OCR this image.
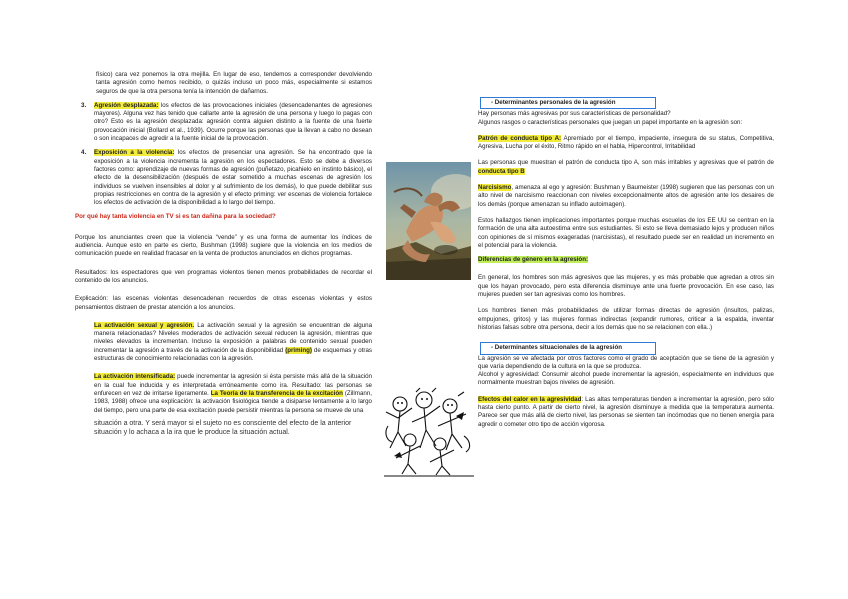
físico) cara vez ponemos la otra mejilla. En lugar de eso, tendemos a corresponder devolviendo tanta agresión como hemos recibido, o quizás incluso un poco más, especialmente si estamos seguros de que la otra persona tenía la intención de dañarnos.

3. Agresión desplazada: los efectos de las provocaciones iniciales (desencadenantes de agresiones mayores). Alguna vez has tenido que callarte ante la agresión de una persona y luego lo pagas con otro? Esto es la agresión desplazada: agresión contra alguien distinto a la fuente de una fuerte provocación inicial (Bollard et al., 1939). Ocurre porque las personas que la llevan a cabo no desean o son incapaces de agredir a la fuente inicial de la provocación.
4. Exposición a la violencia: los efectos de presenciar una agresión. Se ha encontrado que la exposición a la violencia incrementa la agresión en los espectadores. Esto se debe a diversos factores como: aprendizaje de nuevas formas de agresión (puñetazo, picahielo en instinto básico), el efecto de la desensibilización (después de estar sometido a muchas escenas de agresión los individuos se vuelven insensibles al dolor y al sufrimiento de los demás), lo que puede debilitar sus propias restricciones en contra de la agresión y el efecto priming: ver escenas de violencia fortalece los efectos de activación de la disponibilidad a lo largo del tiempo.

Por qué hay tanta violencia en TV si es tan dañina para la sociedad?

Porque los anunciantes creen que la violencia “vende” y es una forma de aumentar los índices de audiencia. Aunque esto en parte es cierto, Bushman (1998) sugiere que la violencia en los medios de comunicación puede en realidad fracasar en la venta de productos anunciados en dichos programas.

Resultados: los espectadores que ven programas violentos tienen menos probabilidades de recordar el contenido de los anuncios.

Explicación: las escenas violentas desencadenan recuerdos de otras escenas violentas y estos pensamientos distraen de prestar atención a los anuncios.

La activación sexual y agresión. La activación sexual y la agresión se encuentran de alguna manera relacionadas? Niveles moderados de activación sexual reducen la agresión, mientras que niveles elevados la incrementan. Incluso la exposición a palabras de contenido sexual pueden incrementar la agresión a través de la activación de la disponibilidad (priming) de esquemas y otras estructuras de conocimiento relacionadas con la agresión.

La activación intensificada: puede incrementar la agresión si ésta persiste más allá de la situación en la cual fue inducida y es interpretada erróneamente como ira. Resultado: las personas se enfurecen en vez de irritarse ligeramente. La Teoría de la transferencia de la excitación (Zillmann, 1983, 1988) ofrece una explicación: la activación fisiológica tiende a disiparse lentamente a lo largo del tiempo, pero una parte de esa excitación puede persistir mientras la persona se mueve de una

situación a otra. Y será mayor si el sujeto no es consciente del efecto de la anterior situación y lo achaca a la ira que le produce la situación actual.

- Determinantes personales de la agresión

Hay personas más agresivas por sus características de personalidad?

Algunos rasgos o características personales que juegan un papel importante en la agresión son:

Patrón de conducta tipo A: Apremiado por el tiempo, impaciente, insegura de su status, Competitiva, Agresiva, Lucha por el éxito, Ritmo rápido en el habla, Hipercontrol, Irritabilidad

Las personas que muestran el patrón de conducta tipo A, son más irritables y agresivas que el patrón de conducta tipo B

Narcisismo, amenaza al ego y agresión: Bushman y Baumeister (1998) sugieren que las personas con un alto nivel de narcisismo reaccionan con niveles excepcionalmente altos de agresión ante los desaires de los demás (porque amenazan su inflado autoimagen).

Estos hallazgos tienen implicaciones importantes porque muchas escuelas de los EE UU se centran en la formación de una alta autoestima entre sus estudiantes. Si esto se lleva demasiado lejos y producen niños con opiniones de sí mismos exageradas (narcisistas), el resultado puede ser en realidad un incremento en el potencial para la violencia.

Diferencias de género en la agresión:

En general, los hombres son más agresivos que las mujeres, y es más probable que agredan a otros sin que los hayan provocado, pero esta diferencia disminuye ante una fuerte provocación. En ese caso, las mujeres pueden ser tan agresivas como los hombres.

Los hombres tienen más probabilidades de utilizar formas directas de agresión (insultos, palizas, empujones, gritos) y las mujeres formas indirectas (expandir rumores, criticar a la espalda, inventar historias falsas sobre otra persona, decir a los demás que no se relacionen con ella..)

- Determinantes situacionales de la agresión

La agresión se ve afectada por otros factores como el grado de aceptación que se tiene de la agresión y que varía dependiendo de la cultura en la que se produzca.

Alcohol y agresividad: Consumir alcohol puede incrementar la agresión, especialmente en individuos que normalmente muestran bajos niveles de agresión.

Efectos del calor en la agresividad: Las altas temperaturas tienden a incrementar la agresión, pero sólo hasta cierto punto. A partir de cierto nivel, la agresión disminuye a medida que la temperatura aumenta. Parece ser que más allá de cierto nivel, las personas se sienten tan incómodas que no tienen energía para agredir o cometer otro tipo de acción vigorosa.
